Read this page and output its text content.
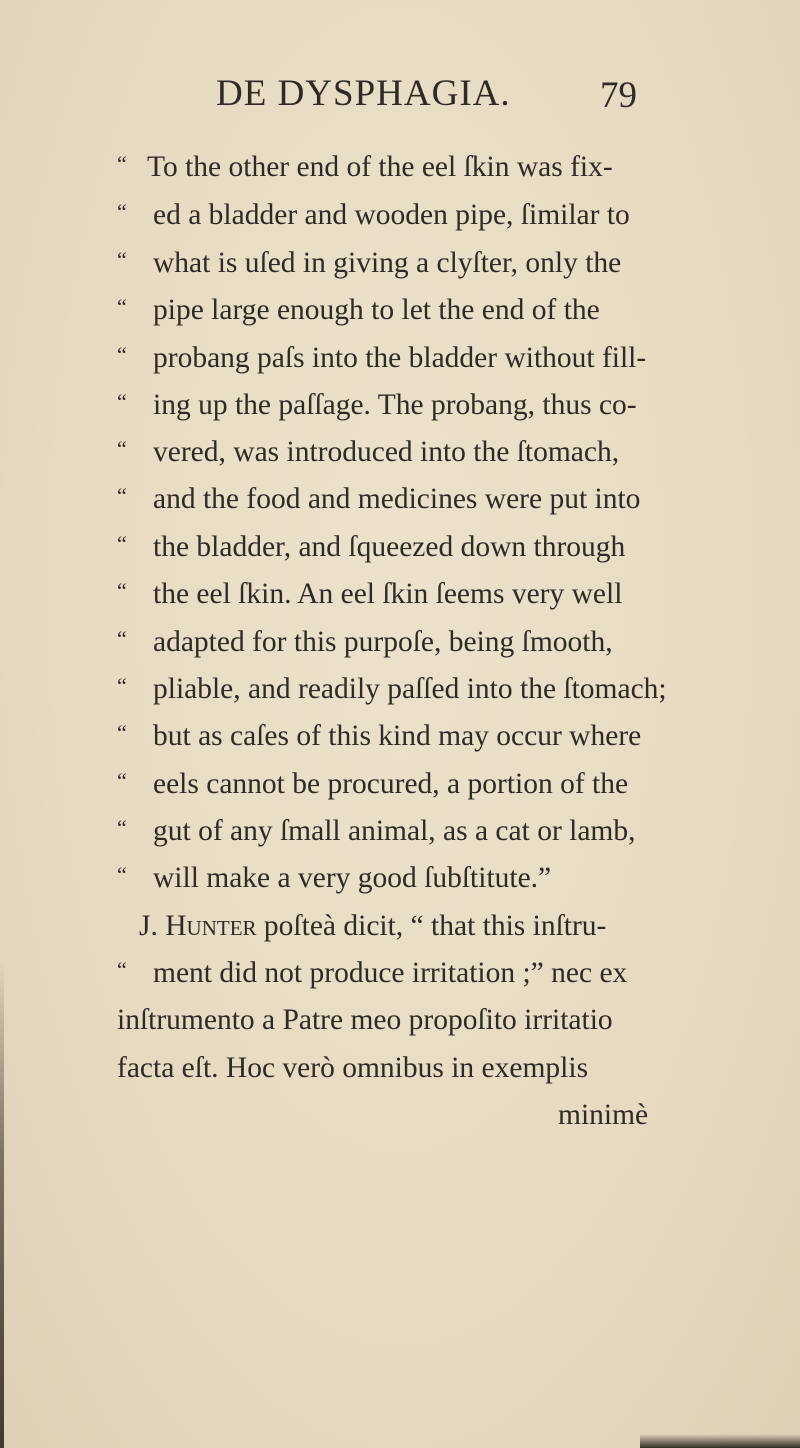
DE DYSPHAGIA. 79
“ To the other end of the eel ſkin was fix-
“ ed a bladder and wooden pipe, ſimilar to
“ what is uſed in giving a clyſter, only the
“ pipe large enough to let the end of the
“ probang paſs into the bladder without fill-
“ ing up the paſſage. The probang, thus co-
“ vered, was introduced into the ſtomach,
“ and the food and medicines were put into
“ the bladder, and ſqueezed down through
“ the eel ſkin. An eel ſkin ſeems very well
“ adapted for this purpoſe, being ſmooth,
“ pliable, and readily paſſed into the ſtomach;
“ but as caſes of this kind may occur where
“ eels cannot be procured, a portion of the
“ gut of any ſmall animal, as a cat or lamb,
“ will make a very good ſubſtitute.”
J. Hunter poſteà dicit, “ that this inſtru-
“ ment did not produce irritation ;” nec ex
inſtrumento a Patre meo propoſito irritatio
facta eſt. Hoc verò omnibus in exemplis
minimè
